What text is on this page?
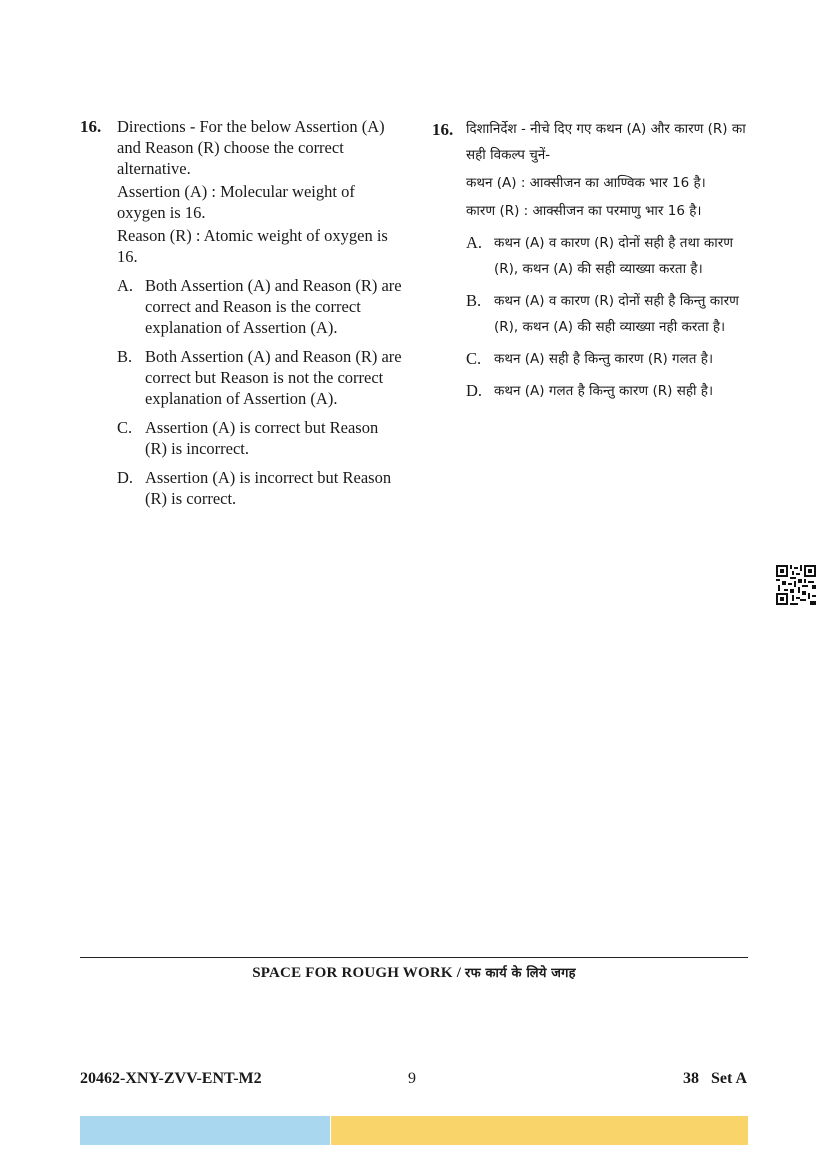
16. Directions - For the below Assertion (A) and Reason (R) choose the correct alternative.

Assertion (A) : Molecular weight of oxygen is 16.

Reason (R) : Atomic weight of oxygen is 16.

A. Both Assertion (A) and Reason (R) are correct and Reason is the correct explanation of Assertion (A).
B. Both Assertion (A) and Reason (R) are correct but Reason is not the correct explanation of Assertion (A).
C. Assertion (A) is correct but Reason (R) is incorrect.
D. Assertion (A) is incorrect but Reason (R) is correct.
16. दिशानिर्देश - नीचे दिए गए कथन (A) और कारण (R) का सही विकल्प चुनें-

कथन (A) : आक्सीजन का आण्विक भार 16 है।

कारण (R) : आक्सीजन का परमाणु भार 16 है।

A. कथन (A) व कारण (R) दोनों सही है तथा कारण (R), कथन (A) की सही व्याख्या करता है।
B. कथन (A) व कारण (R) दोनों सही है किन्तु कारण (R), कथन (A) की सही व्याख्या नही करता है।
C. कथन (A) सही है किन्तु कारण (R) गलत है।
D. कथन (A) गलत है किन्तु कारण (R) सही है।
SPACE FOR ROUGH WORK / रफ कार्य के लिये जगह
20462-XNY-ZVV-ENT-M2	9	38   Set A
